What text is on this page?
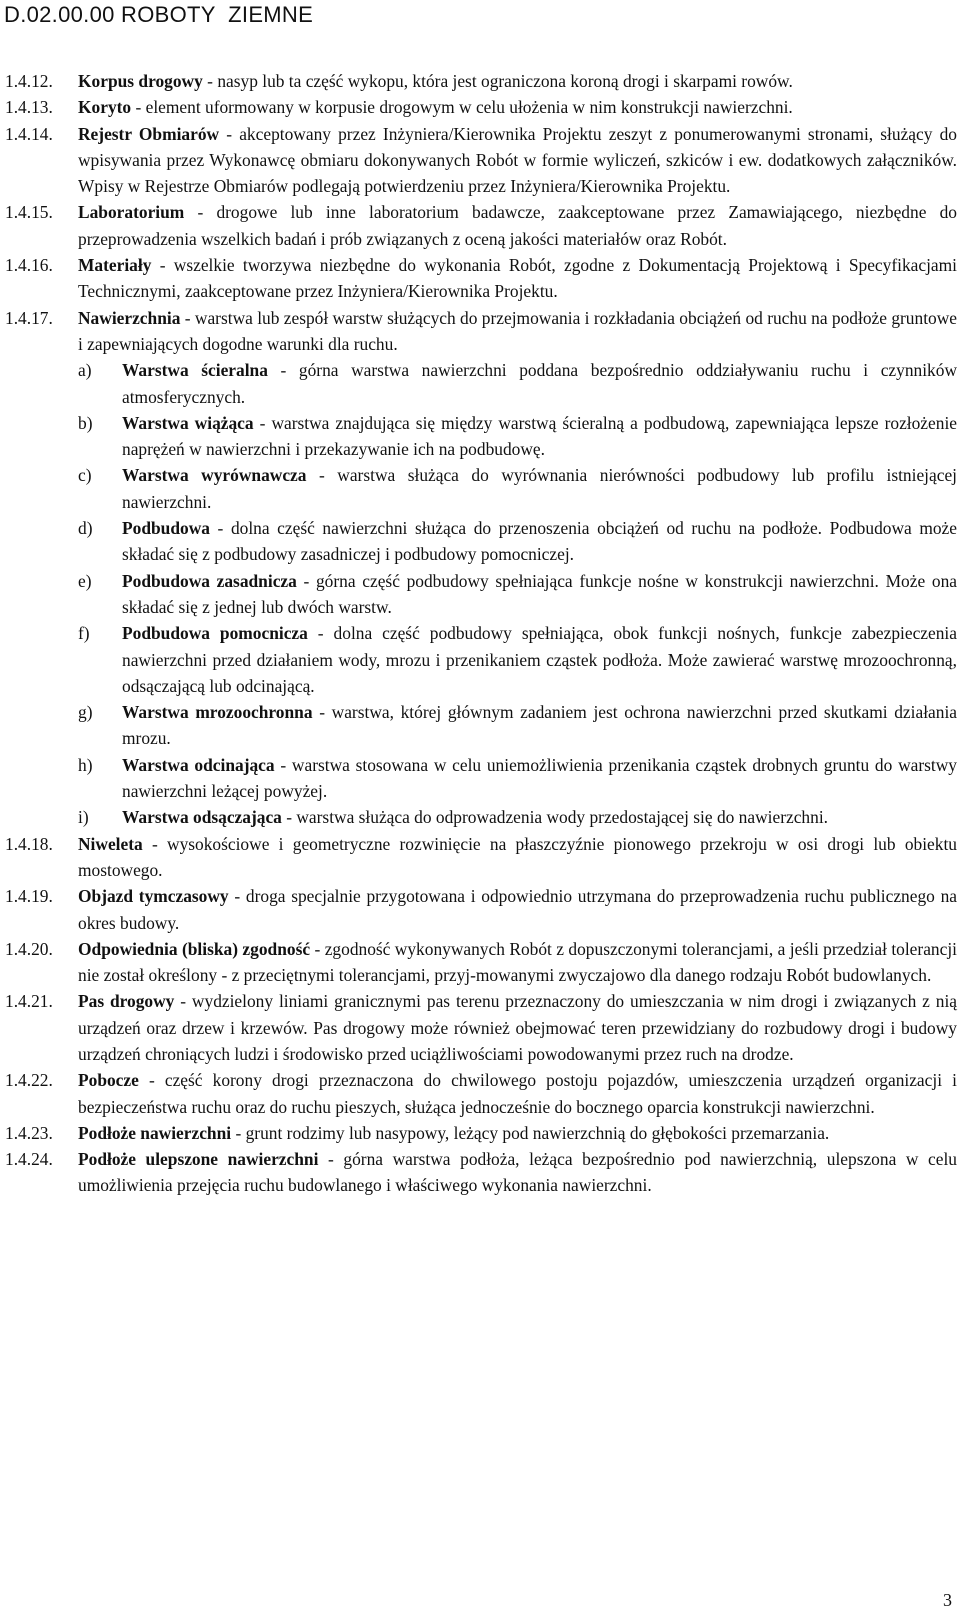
D.02.00.00 ROBOTY  ZIEMNE
1.4.12.	Korpus drogowy - nasyp lub ta część wykopu, która jest ograniczona koroną drogi i skarpami rowów.
1.4.13.	Koryto - element uformowany w korpusie drogowym w celu ułożenia w nim konstrukcji nawierzchni.
1.4.14.	Rejestr Obmiarów - akceptowany przez Inżyniera/Kierownika Projektu zeszyt z ponumerowanymi stronami, służący do wpisywania przez Wykonawcę obmiaru dokonywanych Robót w formie wyliczeń, szkiców i ew. dodatkowych załączników. Wpisy w Rejestrze Obmiarów podlegają potwierdzeniu przez Inżyniera/Kierownika Projektu.
1.4.15.	Laboratorium - drogowe lub inne laboratorium badawcze, zaakceptowane przez Zamawiającego, niezbędne do przeprowadzenia wszelkich badań i prób związanych z oceną jakości materiałów oraz Robót.
1.4.16.	Materiały - wszelkie tworzywa niezbędne do wykonania Robót, zgodne z Dokumentacją Projektową i Specyfikacjami Technicznymi, zaakceptowane przez Inżyniera/Kierownika Projektu.
1.4.17.	Nawierzchnia - warstwa lub zespół warstw służących do przejmowania i rozkładania obciążeń od ruchu na podłoże gruntowe i zapewniających dogodne warunki dla ruchu.
a)	Warstwa ścieralna - górna warstwa nawierzchni poddana bezpośrednio oddziaływaniu ruchu i czynników atmosferycznych.
b)	Warstwa wiążąca - warstwa znajdująca się między warstwą ścieralną a podbudową, zapewniająca lepsze rozłożenie naprężeń w nawierzchni i przekazywanie ich na podbudowę.
c)	Warstwa wyrównawcza - warstwa służąca do wyrównania nierówności podbudowy lub profilu istniejącej nawierzchni.
d)	Podbudowa - dolna część nawierzchni służąca do przenoszenia obciążeń od ruchu na podłoże. Podbudowa może składać się z podbudowy zasadniczej i podbudowy pomocniczej.
e)	Podbudowa zasadnicza - górna część podbudowy spełniająca funkcje nośne w konstrukcji nawierzchni. Może ona składać się z jednej lub dwóch warstw.
f)	Podbudowa pomocnicza - dolna część podbudowy spełniająca, obok funkcji nośnych, funkcje zabezpieczenia nawierzchni przed działaniem wody, mrozu i przenikaniem cząstek podłoża. Może zawierać warstwę mrozoochronną, odsączającą lub odcinającą.
g)	Warstwa mrozoochronna - warstwa, której głównym zadaniem jest ochrona nawierzchni przed skutkami działania mrozu.
h)	Warstwa odcinająca - warstwa stosowana w celu uniemożliwienia przenikania cząstek drobnych gruntu do warstwy nawierzchni leżącej powyżej.
i)	Warstwa odsączająca - warstwa służąca do odprowadzenia wody przedostającej się do nawierzchni.
1.4.18.	Niweleta - wysokościowe i geometryczne rozwinięcie na płaszczyźnie pionowego przekroju w osi drogi lub obiektu mostowego.
1.4.19.	Objazd tymczasowy - droga specjalnie przygotowana i odpowiednio utrzymana do przeprowadzenia ruchu publicznego na okres budowy.
1.4.20.	Odpowiednia (bliska) zgodność - zgodność wykonywanych Robót z dopuszczonymi tolerancjami, a jeśli przedział tolerancji nie został określony - z przeciętnymi tolerancjami, przyj-mowanymi zwyczajowo dla danego rodzaju Robót budowlanych.
1.4.21.	Pas drogowy - wydzielony liniami granicznymi pas terenu przeznaczony do umieszczania w nim drogi i związanych z nią urządzeń oraz drzew i krzewów. Pas drogowy może również obejmować teren przewidziany do rozbudowy drogi i budowy urządzeń chroniących ludzi i środowisko przed uciążliwościami powodowanymi przez ruch na drodze.
1.4.22.	Pobocze - część korony drogi przeznaczona do chwilowego postoju pojazdów, umieszczenia urządzeń organizacji i bezpieczeństwa ruchu oraz do ruchu pieszych, służąca jednocześnie do bocznego oparcia konstrukcji nawierzchni.
1.4.23.	Podłoże nawierzchni - grunt rodzimy lub nasypowy, leżący pod nawierzchnią do głębokości przemarzania.
1.4.24.	Podłoże ulepszone nawierzchni - górna warstwa podłoża, leżąca bezpośrednio pod nawierzchnią, ulepszona w celu umożliwienia przejęcia ruchu budowlanego i właściwego wykonania nawierzchni.
3
